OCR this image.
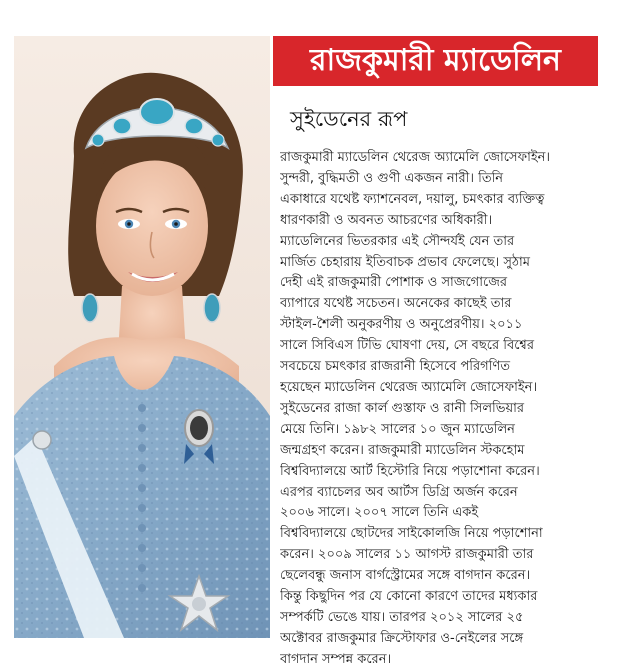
রাজকুমারী ম্যাডেলিন
সুইডেনের রূপ

রাজকুমারী ম্যাডেলিন থেরেজ অ্যামেলি জোসেফাইন।
সুন্দরী, বুদ্ধিমতী ও গুণী একজন নারী। তিনি
একাধারে যথেষ্ট ফ্যাশনেবল, দয়ালু, চমৎকার ব্যক্তিত্ব
ধারণকারী ও অবনত আচরণের অধিকারী।
ম্যাডেলিনের ভিতরকার এই সৌন্দর্যই যেন তার
মার্জিত চেহারায় ইতিবাচক প্রভাব ফেলেছে। সুঠাম
দেহী এই রাজকুমারী পোশাক ও সাজগোজের
ব্যাপারে যথেষ্ট সচেতন। অনেকের কাছেই তার
স্টাইল-শৈলী অনুকরণীয় ও অনুপ্রেরণীয়। ২০১১
সালে সিবিএস টিভি ঘোষণা দেয়, সে বছরে বিশ্বের
সবচেয়ে চমৎকার রাজরানী হিসেবে পরিগণিত
হয়েছেন ম্যাডেলিন থেরেজ অ্যামেলি জোসেফাইন।
সুইডেনের রাজা কার্ল গুস্তাফ ও রানী সিলভিয়ার
মেয়ে তিনি। ১৯৮২ সালের ১০ জুন ম্যাডেলিন
জন্মগ্রহণ করেন। রাজকুমারী ম্যাডেলিন স্টকহোম
বিশ্ববিদ্যালয়ে আর্ট হিস্টোরি নিয়ে পড়াশোনা করেন।
এরপর ব্যাচেলর অব আর্টস ডিগ্রি অর্জন করেন
২০০৬ সালে। ২০০৭ সালে তিনি একই
বিশ্ববিদ্যালয়ে ছোটদের সাইকোলজি নিয়ে পড়াশোনা
করেন। ২০০৯ সালের ১১ আগস্ট রাজকুমারী তার
ছেলেবন্ধু জনাস বার্গস্ট্রোমের সঙ্গে বাগদান করেন।
কিন্তু কিছুদিন পর যে কোনো কারণে তাদের মধ্যকার
সম্পর্কটি ভেঙে যায়। তারপর ২০১২ সালের ২৫
অক্টোবর রাজকুমার ক্রিস্টোফার ও-নেইলের সঙ্গে
বাগদান সম্পন্ন করেন।
